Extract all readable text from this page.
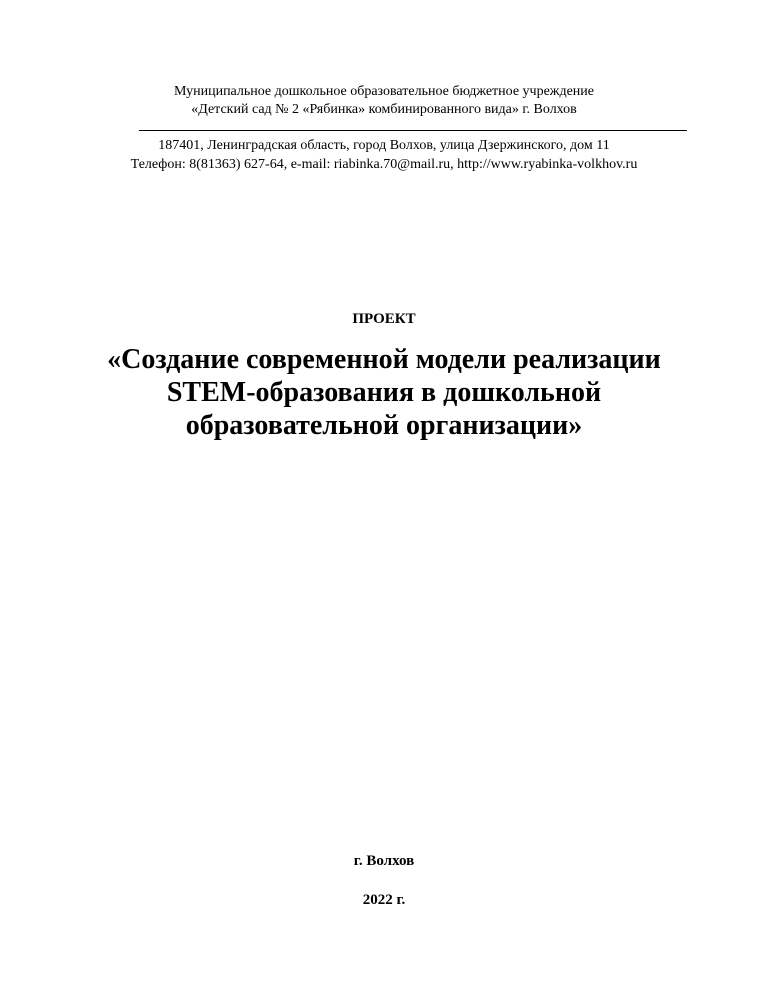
Муниципальное дошкольное образовательное бюджетное учреждение
«Детский сад № 2 «Рябинка» комбинированного вида» г. Волхов
187401, Ленинградская область, город Волхов, улица Дзержинского, дом 11
Телефон: 8(81363) 627-64, e-mail: riabinka.70@mail.ru, http://www.ryabinka-volkhov.ru
ПРОЕКТ
«Создание современной модели реализации
STEM-образования в дошкольной
образовательной организации»
г. Волхов
2022 г.
